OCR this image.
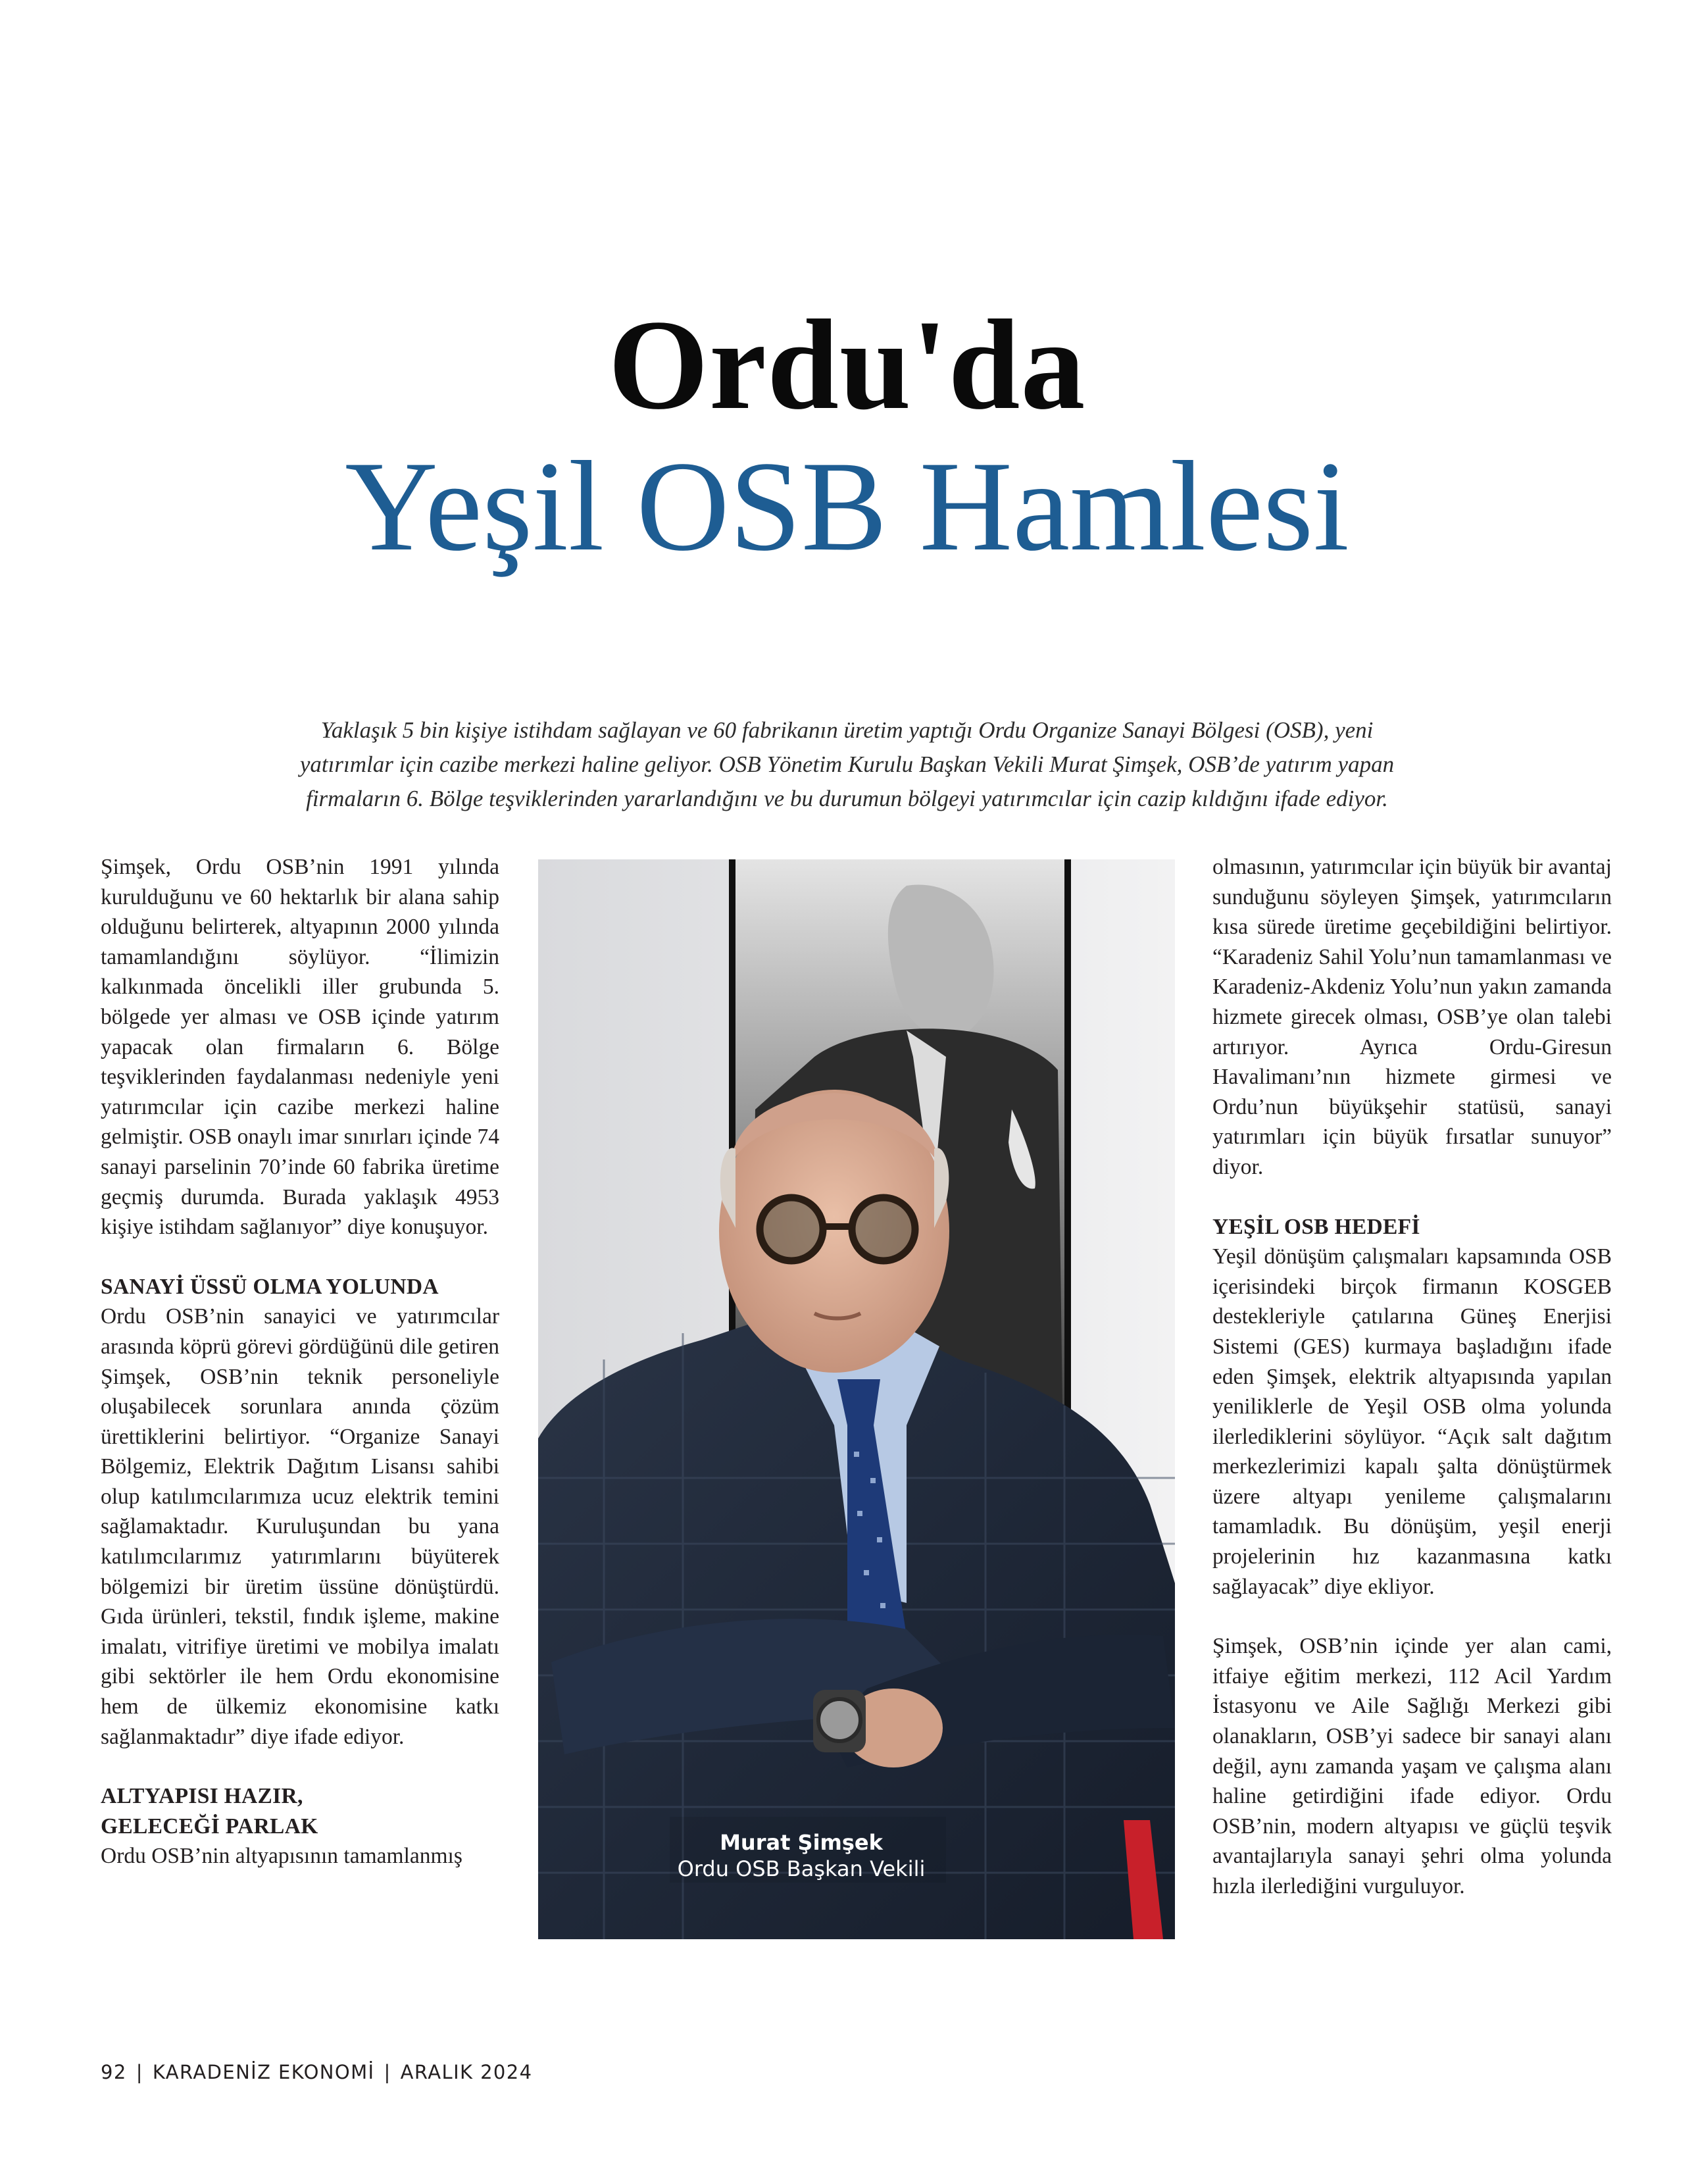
Ordu'da
Yeşil OSB Hamlesi

Yaklaşık 5 bin kişiye istihdam sağlayan ve 60 fabrikanın üretim yaptığı Ordu Organize Sanayi Bölgesi (OSB), yeni

yatırımlar için cazibe merkezi haline geliyor. OSB Yönetim Kurulu Başkan Vekili Murat Şimşek, OSB’de yatırım yapan

firmaların 6. Bölge teşviklerinden yararlandığını ve bu durumun bölgeyi yatırımcılar için cazip kıldığını ifade ediyor.

Şimşek, Ordu OSB’nin 1991 yılında kurulduğunu ve 60 hektarlık bir alana sahip olduğunu belirterek, altyapının 2000 yılında tamamlandığını söylüyor. “İlimizin kalkınmada öncelikli iller grubunda 5. bölgede yer alması ve OSB içinde yatırım yapacak olan firmaların 6. Bölge teşviklerinden faydalanması nedeniyle yeni yatırımcılar için cazibe merkezi haline gelmiştir. OSB onaylı imar sınırları içinde 74 sanayi parselinin 70’inde 60 fabrika üretime geçmiş durumda. Burada yaklaşık 4953 kişiye istihdam sağlanıyor” diye konuşuyor.

SANAYİ ÜSSÜ OLMA YOLUNDA

Ordu OSB’nin sanayici ve yatırımcılar arasında köprü görevi gördüğünü dile getiren Şimşek, OSB’nin teknik personeliyle oluşabilecek sorunlara anında çözüm ürettiklerini belirtiyor. “Organize Sanayi Bölgemiz, Elektrik Dağıtım Lisansı sahibi olup katılımcılarımıza ucuz elektrik temini sağlamaktadır. Kuruluşundan bu yana katılımcılarımız yatırımlarını büyüterek bölgemizi bir üretim üssüne dönüştürdü. Gıda ürünleri, tekstil, fındık işleme, makine imalatı, vitrifiye üretimi ve mobilya imalatı gibi sektörler ile hem Ordu ekonomisine hem de ülkemiz ekonomisine katkı sağlanmaktadır” diye ifade ediyor.

ALTYAPISI HAZIR,
GELECEĞİ PARLAK

Ordu OSB’nin altyapısının tamamlanmış

Murat Şimşek
Ordu OSB Başkan Vekili

olmasının, yatırımcılar için büyük bir avantaj sunduğunu söyleyen Şimşek, yatırımcıların kısa sürede üretime geçebildiğini belirtiyor. “Karadeniz Sahil Yolu’nun tamamlanması ve Karadeniz-Akdeniz Yolu’nun yakın zamanda hizmete girecek olması, OSB’ye olan talebi artırıyor. Ayrıca Ordu-Giresun Havalimanı’nın hizmete girmesi ve Ordu’nun büyükşehir statüsü, sanayi yatırımları için büyük fırsatlar sunuyor” diyor.

YEŞİL OSB HEDEFİ

Yeşil dönüşüm çalışmaları kapsamında OSB içerisindeki birçok firmanın KOSGEB destekleriyle çatılarına Güneş Enerjisi Sistemi (GES) kurmaya başladığını ifade eden Şimşek, elektrik altyapısında yapılan yeniliklerle de Yeşil OSB olma yolunda ilerlediklerini söylüyor. “Açık salt dağıtım merkezlerimizi kapalı şalta dönüştürmek üzere altyapı yenileme çalışmalarını tamamladık. Bu dönüşüm, yeşil enerji projelerinin hız kazanmasına katkı sağlayacak” diye ekliyor.

Şimşek, OSB’nin içinde yer alan cami, itfaiye eğitim merkezi, 112 Acil Yardım İstasyonu ve Aile Sağlığı Merkezi gibi olanakların, OSB’yi sadece bir sanayi alanı değil, aynı zamanda yaşam ve çalışma alanı haline getirdiğini ifade ediyor. Ordu OSB’nin, modern altyapısı ve güçlü teşvik avantajlarıyla sanayi şehri olma yolunda hızla ilerlediğini vurguluyor.

92 | KARADENİZ EKONOMİ | ARALIK 2024
